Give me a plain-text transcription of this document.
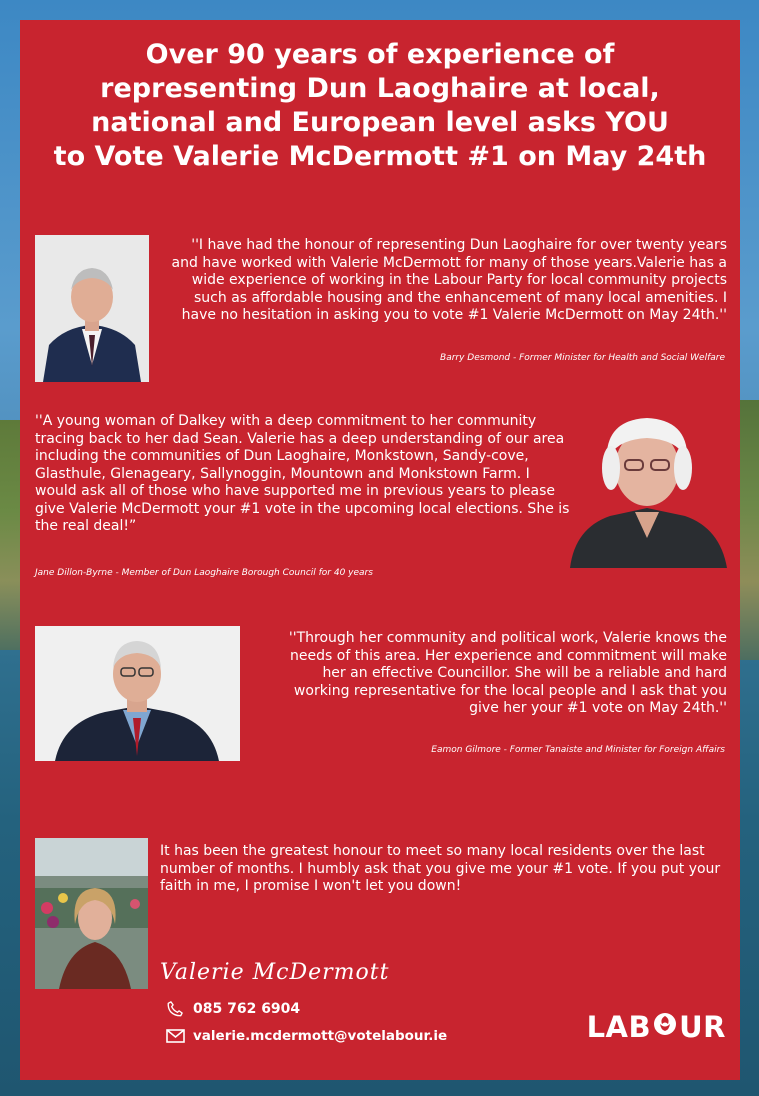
Over 90 years of experience of
representing Dun Laoghaire at local,
national and European level asks YOU
to Vote Valerie McDermott #1 on May 24th

''I have had the honour of representing Dun Laoghaire for over twenty years and have worked with Valerie McDermott for many of those years.Valerie has a wide experience of working in the Labour Party for local community projects such as affordable housing and the enhancement of many local amenities. I have no hesitation in asking you to vote #1 Valerie McDermott on May 24th.''

Barry Desmond - Former Minister for Health and Social Welfare

''A young woman of Dalkey with a deep commitment to her community tracing back to her dad Sean. Valerie has a deep understanding of our area including the communities of Dun Laoghaire, Monkstown, Sandy-cove, Glasthule, Glenageary, Sallynoggin, Mountown and Monkstown Farm. I would ask all of those who have supported me in previous years to please give Valerie McDermott your #1 vote in the upcoming local elections. She is the real deal!”

Jane Dillon-Byrne - Member of Dun Laoghaire Borough Council for 40 years

''Through her community and political work, Valerie knows the needs of this area. Her experience and commitment will make her an effective Councillor. She will be a reliable and hard working representative for the local people and I ask that you give her your #1 vote on May 24th.''

Eamon Gilmore - Former Tanaiste and Minister for Foreign Affairs

It has been the greatest honour to meet so many local residents over the last number of months. I humbly ask that you give me your #1 vote. If you put your faith in me, I promise I won't let you down!

Valerie McDermott
085 762 6904
valerie.mcdermott@votelabour.ie	LAB UR
